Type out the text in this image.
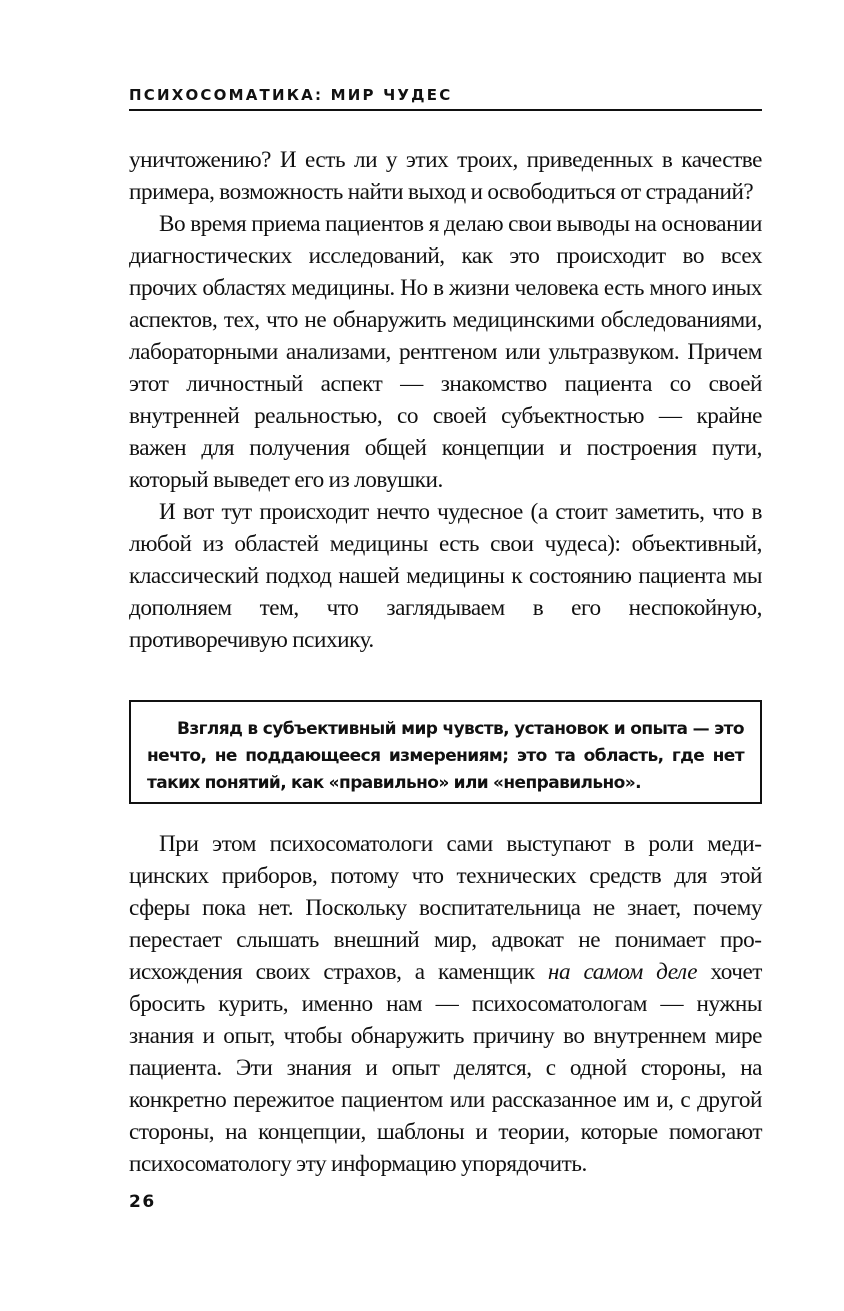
ПСИХОСОМАТИКА: МИР ЧУДЕС

уничтожению? И есть ли у этих троих, приведенных в качестве примера, возможность найти выход и освободиться от страданий?

Во время приема пациентов я делаю свои выводы на основании диагностических исследований, как это происходит во всех прочих областях медицины. Но в жизни человека есть много иных аспектов, тех, что не обнаружить медицинскими обследованиями, лабораторными анализами, рентгеном или ультразвуком. Причем этот личностный аспект — знакомство пациента со своей внутренней реальностью, со своей субъектностью — крайне важен для получения общей концепции и построения пути, который выведет его из ловушки.

И вот тут происходит нечто чудесное (а стоит заметить, что в любой из областей медицины есть свои чудеса): объективный, классический подход нашей медицины к состоянию пациента мы дополняем тем, что заглядываем в его неспокойную, противоречивую психику.

Взгляд в субъективный мир чувств, установок и опыта — это нечто, не поддающееся измерениям; это та область, где нет таких понятий, как «правильно» или «неправильно».

При этом психосоматологи сами выступают в роли медицинских приборов, потому что технических средств для этой сферы пока нет. Поскольку воспитательница не знает, почему перестает слышать внешний мир, адвокат не понимает происхождения своих страхов, а каменщик на самом деле хочет бросить курить, именно нам — психосоматологам — нужны знания и опыт, чтобы обнаружить причину во внутреннем мире пациента. Эти знания и опыт делятся, с одной стороны, на конкретно пережитое пациентом или рассказанное им и, с другой стороны, на концепции, шаблоны и теории, которые помогают психосоматологу эту информацию упорядочить.

26
